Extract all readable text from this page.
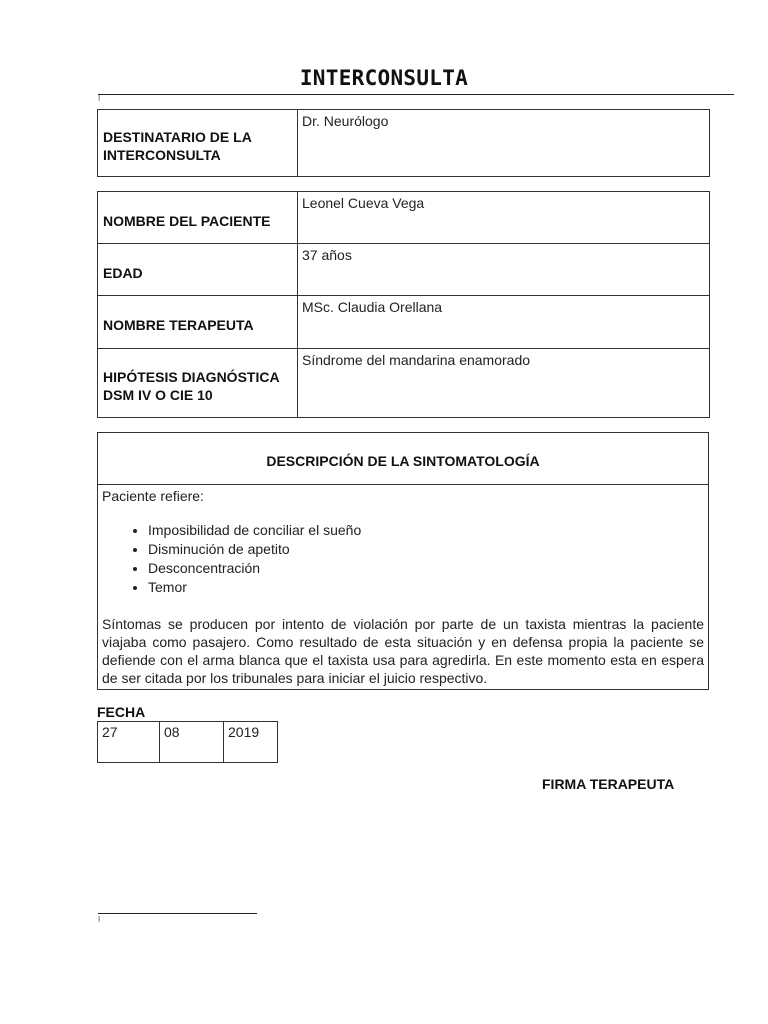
INTERCONSULTA
I
DESTINATARIO DE LA INTERCONSULTA	Dr. Neurólogo
NOMBRE DEL PACIENTE	Leonel Cueva Vega
EDAD	37 años
NOMBRE TERAPEUTA	MSc. Claudia Orellana
HIPÓTESIS DIAGNÓSTICA DSM IV O CIE 10	Síndrome del mandarina enamorado
DESCRIPCIÓN DE LA SINTOMATOLOGÍA
Paciente refiere:
• Imposibilidad de conciliar el sueño
• Disminución de apetito
• Desconcentración
• Temor

Síntomas se producen por intento de violación por parte de un taxista mientras la paciente viajaba como pasajero. Como resultado de esta situación y en defensa propia la paciente se defiende con el arma blanca que el taxista usa para agredirla. En este momento esta en espera de ser citada por los tribunales para iniciar el juicio respectivo.

FECHA
27	08	2019
FIRMA TERAPEUTA
I
